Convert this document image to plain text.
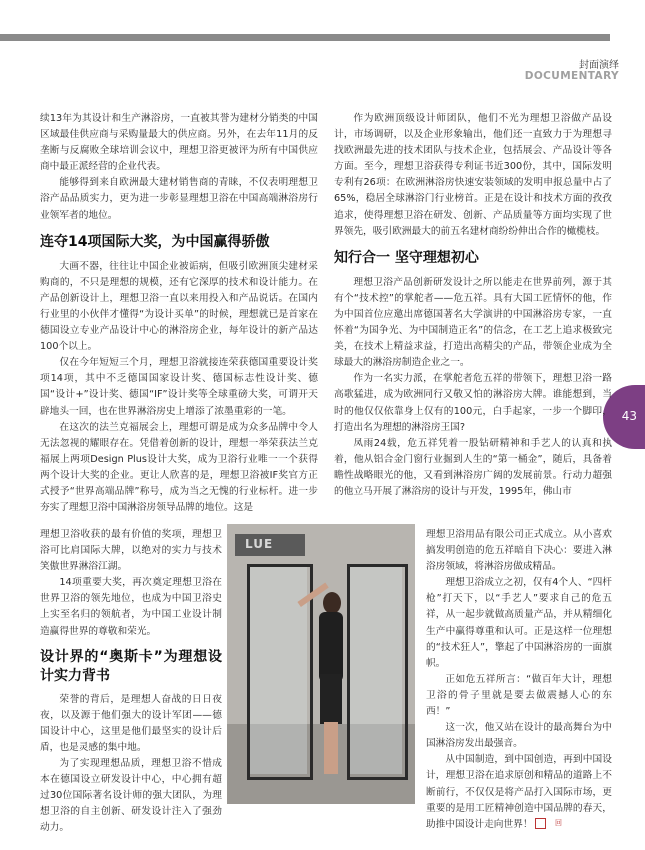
封面演绎
DOCUMENTARY
43

续13年为其设计和生产淋浴房，一直被其誉为建材分销类的中国区域最佳供应商与采购量最大的供应商。另外，在去年11月的反垄断与反腐败全球培训会议中，理想卫浴更被评为所有中国供应商中最正派经营的企业代表。

能够得到来自欧洲最大建材销售商的青睐，不仅表明理想卫浴产品品质实力，更为进一步彰显理想卫浴在中国高端淋浴房行业领军者的地位。

连夺14项国际大奖，为中国赢得骄傲

大画不器，往往让中国企业被诟病，但吸引欧洲顶尖建材采购商的，不只是理想的规模，还有它深厚的技术和设计能力。在产品创新设计上，理想卫浴一直以来用投入和产品说话。在国内行业里的小伙伴才懂得“为设计买单”的时候，理想就已是首家在德国设立专业产品设计中心的淋浴房企业，每年设计的新产品达100个以上。

仅在今年短短三个月，理想卫浴就接连荣获德国重要设计奖项14项，其中不乏德国国家设计奖、德国标志性设计奖、德国“设计+”设计奖、德国“IF”设计奖等全球重磅大奖，可谓开天辟地头一回，也在世界淋浴房史上增添了浓墨重彩的一笔。

在这次的法兰克福展会上，理想可谓是成为众多品牌中令人无法忽视的耀眼存在。凭借着创新的设计，理想一举荣获法兰克福展上两项Design Plus设计大奖，成为卫浴行业唯一一个获得两个设计大奖的企业。更让人欣喜的是，理想卫浴被IF奖官方正式授予“世界高端品牌”称号，成为当之无愧的行业标杆。进一步夯实了理想卫浴中国淋浴房领导品牌的地位。这是

理想卫浴收获的最有价值的奖项，理想卫浴可比肩国际大牌，以绝对的实力与技术笑傲世界淋浴江湖。

14项重要大奖，再次奠定理想卫浴在世界卫浴的领先地位，也成为中国卫浴史上实至名归的领航者，为中国工业设计制造赢得世界的尊敬和荣光。

设计界的“奥斯卡”为理想设计实力背书

荣誉的背后，是理想人奋战的日日夜夜，以及源于他们强大的设计军团——德国设计中心，这里是他们最坚实的设计后盾，也是灵感的集中地。

为了实现理想品质，理想卫浴不惜成本在德国设立研发设计中心，中心拥有超过30位国际著名设计师的强大团队，为理想卫浴的自主创新、研发设计注入了强劲动力。

LUE

作为欧洲顶级设计师团队，他们不光为理想卫浴做产品设计，市场调研，以及企业形象输出，他们还一直致力于为理想寻找欧洲最先进的技术团队与技术企业，包括展会、产品设计等各方面。至今，理想卫浴获得专利证书近300份，其中，国际发明专利有26项：在欧洲淋浴房快速安装领域的发明申报总量中占了65%，稳居全球淋浴门行业榜首。正是在设计和技术方面的孜孜追求，使得理想卫浴在研发、创新、产品质量等方面均实现了世界领先，吸引欧洲最大的前五名建材商纷纷伸出合作的橄榄枝。

知行合一 坚守理想初心

理想卫浴产品创新研发设计之所以能走在世界前列，源于其有个“技术控”的掌舵者——危五祥。具有大国工匠情怀的他，作为中国首位应邀出席德国著名大学演讲的中国淋浴房专家，一直怀着“为国争光、为中国制造正名”的信念，在工艺上追求极致完美，在技术上精益求益，打造出高精尖的产品，带领企业成为全球最大的淋浴房制造企业之一。

作为一名实力派，在掌舵者危五祥的带领下，理想卫浴一路高歌猛进，成为欧洲同行又敬又怕的淋浴房大牌。谁能想到，当时的他仅仅依靠身上仅有的100元，白手起家，一步一个脚印，打造出名为理想的淋浴房王国?

凤雨24载，危五祥凭着一股钻研精神和手艺人的认真和执着，他从铝合金门窗行业掘到人生的“第一桶金”，随后，具备着瞻性战略眼光的他，又看到淋浴房广阔的发展前景。行动力超强的他立马开展了淋浴房的设计与开发，1995年，佛山市

理想卫浴用品有限公司正式成立。从小喜欢搞发明创造的危五祥暗自下决心：要进入淋浴房领域，将淋浴房做成精品。

理想卫浴成立之初，仅有4个人、“四杆枪”打天下，以“手艺人”要求自己的危五祥，从一起步就做高质量产品，并从精细化生产中赢得尊重和认可。正是这样一位理想的“技术狂人”，擎起了中国淋浴房的一面旗帜。

正如危五祥所言：“做百年大计，理想卫浴的骨子里就是要去做震撼人心的东西！”

这一次，他又站在设计的最高舞台为中国淋浴房发出最强音。

从中国制造，到中国创造，再到中国设计，理想卫浴在追求原创和精品的道路上不断前行，不仅仅是将产品打入国际市场，更重要的是用工匠精神创造中国品牌的春天，助推中国设计走向世界！	回
